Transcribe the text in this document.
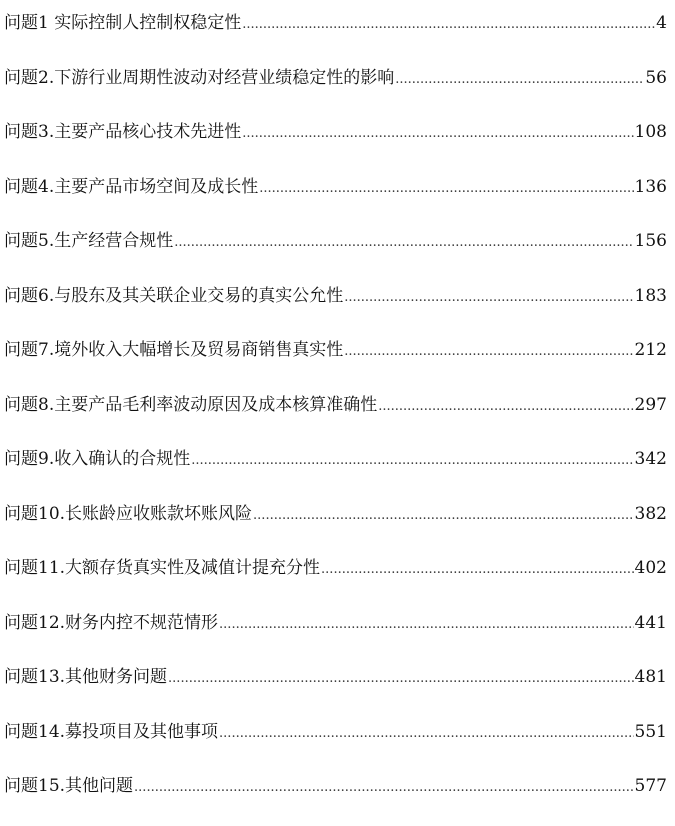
问题1 实际控制人控制权稳定性 .....	4
问题2.下游行业周期性波动对经营业绩稳定性的影响 .....	56
问题3.主要产品核心技术先进性 .....	108
问题4.主要产品市场空间及成长性 .....	136
问题5.生产经营合规性 .....	156
问题6.与股东及其关联企业交易的真实公允性 .....	183
问题7.境外收入大幅增长及贸易商销售真实性 .....	212
问题8.主要产品毛利率波动原因及成本核算准确性 .....	297
问题9.收入确认的合规性 .....	342
问题10.长账龄应收账款坏账风险 .....	382
问题11.大额存货真实性及减值计提充分性 .....	402
问题12.财务内控不规范情形 .....	441
问题13.其他财务问题 .....	481
问题14.募投项目及其他事项 .....	551
问题15.其他问题 .....	577
